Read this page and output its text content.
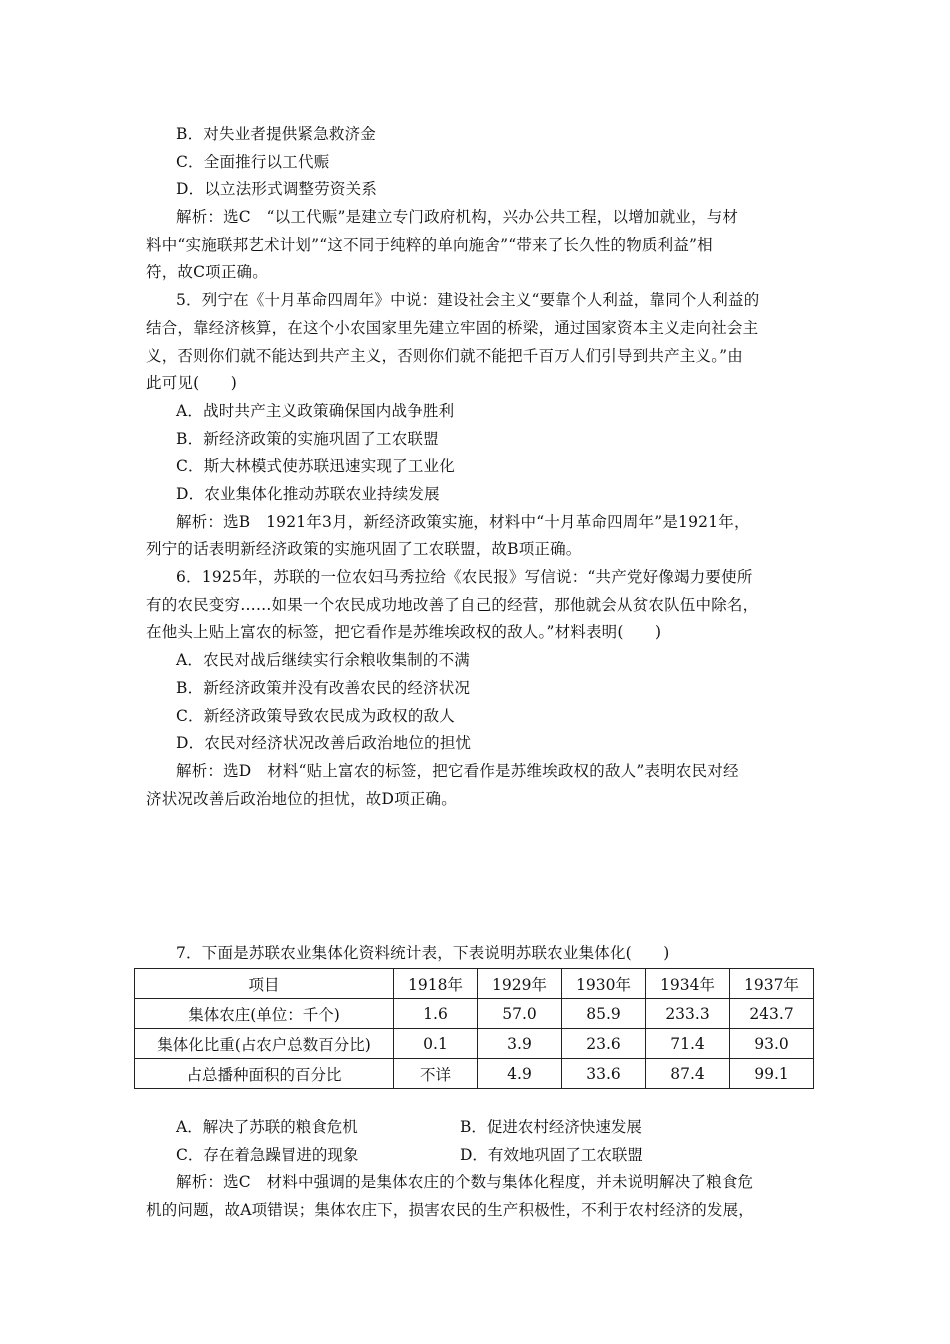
B．对失业者提供紧急救济金
C．全面推行以工代赈
D．以立法形式调整劳资关系
解析：选C　“以工代赈”是建立专门政府机构，兴办公共工程，以增加就业，与材
料中“实施联邦艺术计划”“这不同于纯粹的单向施舍”“带来了长久性的物质利益”相
符，故C项正确。
5．列宁在《十月革命四周年》中说：建设社会主义“要靠个人利益，靠同个人利益的
结合，靠经济核算，在这个小农国家里先建立牢固的桥梁，通过国家资本主义走向社会主
义，否则你们就不能达到共产主义，否则你们就不能把千百万人们引导到共产主义。”由
此可见(　　)
A．战时共产主义政策确保国内战争胜利
B．新经济政策的实施巩固了工农联盟
C．斯大林模式使苏联迅速实现了工业化
D．农业集体化推动苏联农业持续发展
解析：选B　1921年3月，新经济政策实施，材料中“十月革命四周年”是1921年，
列宁的话表明新经济政策的实施巩固了工农联盟，故B项正确。
6．1925年，苏联的一位农妇马秀拉给《农民报》写信说：“共产党好像竭力要使所
有的农民变穷……如果一个农民成功地改善了自己的经营，那他就会从贫农队伍中除名，
在他头上贴上富农的标签，把它看作是苏维埃政权的敌人。”材料表明(　　)
A．农民对战后继续实行余粮收集制的不满
B．新经济政策并没有改善农民的经济状况
C．新经济政策导致农民成为政权的敌人
D．农民对经济状况改善后政治地位的担忧
解析：选D　材料“贴上富农的标签，把它看作是苏维埃政权的敌人”表明农民对经
济状况改善后政治地位的担忧，故D项正确。
7．下面是苏联农业集体化资料统计表，下表说明苏联农业集体化(　　)
项目	1918年	1929年	1930年	1934年	1937年
集体农庄(单位：千个)	1.6	57.0	85.9	233.3	243.7
集体化比重(占农户总数百分比)	0.1	3.9	23.6	71.4	93.0
占总播种面积的百分比	不详	4.9	33.6	87.4	99.1
A．解决了苏联的粮食危机	B．促进农村经济快速发展
C．存在着急躁冒进的现象	D．有效地巩固了工农联盟
解析：选C　材料中强调的是集体农庄的个数与集体化程度，并未说明解决了粮食危
机的问题，故A项错误；集体农庄下，损害农民的生产积极性，不利于农村经济的发展，
